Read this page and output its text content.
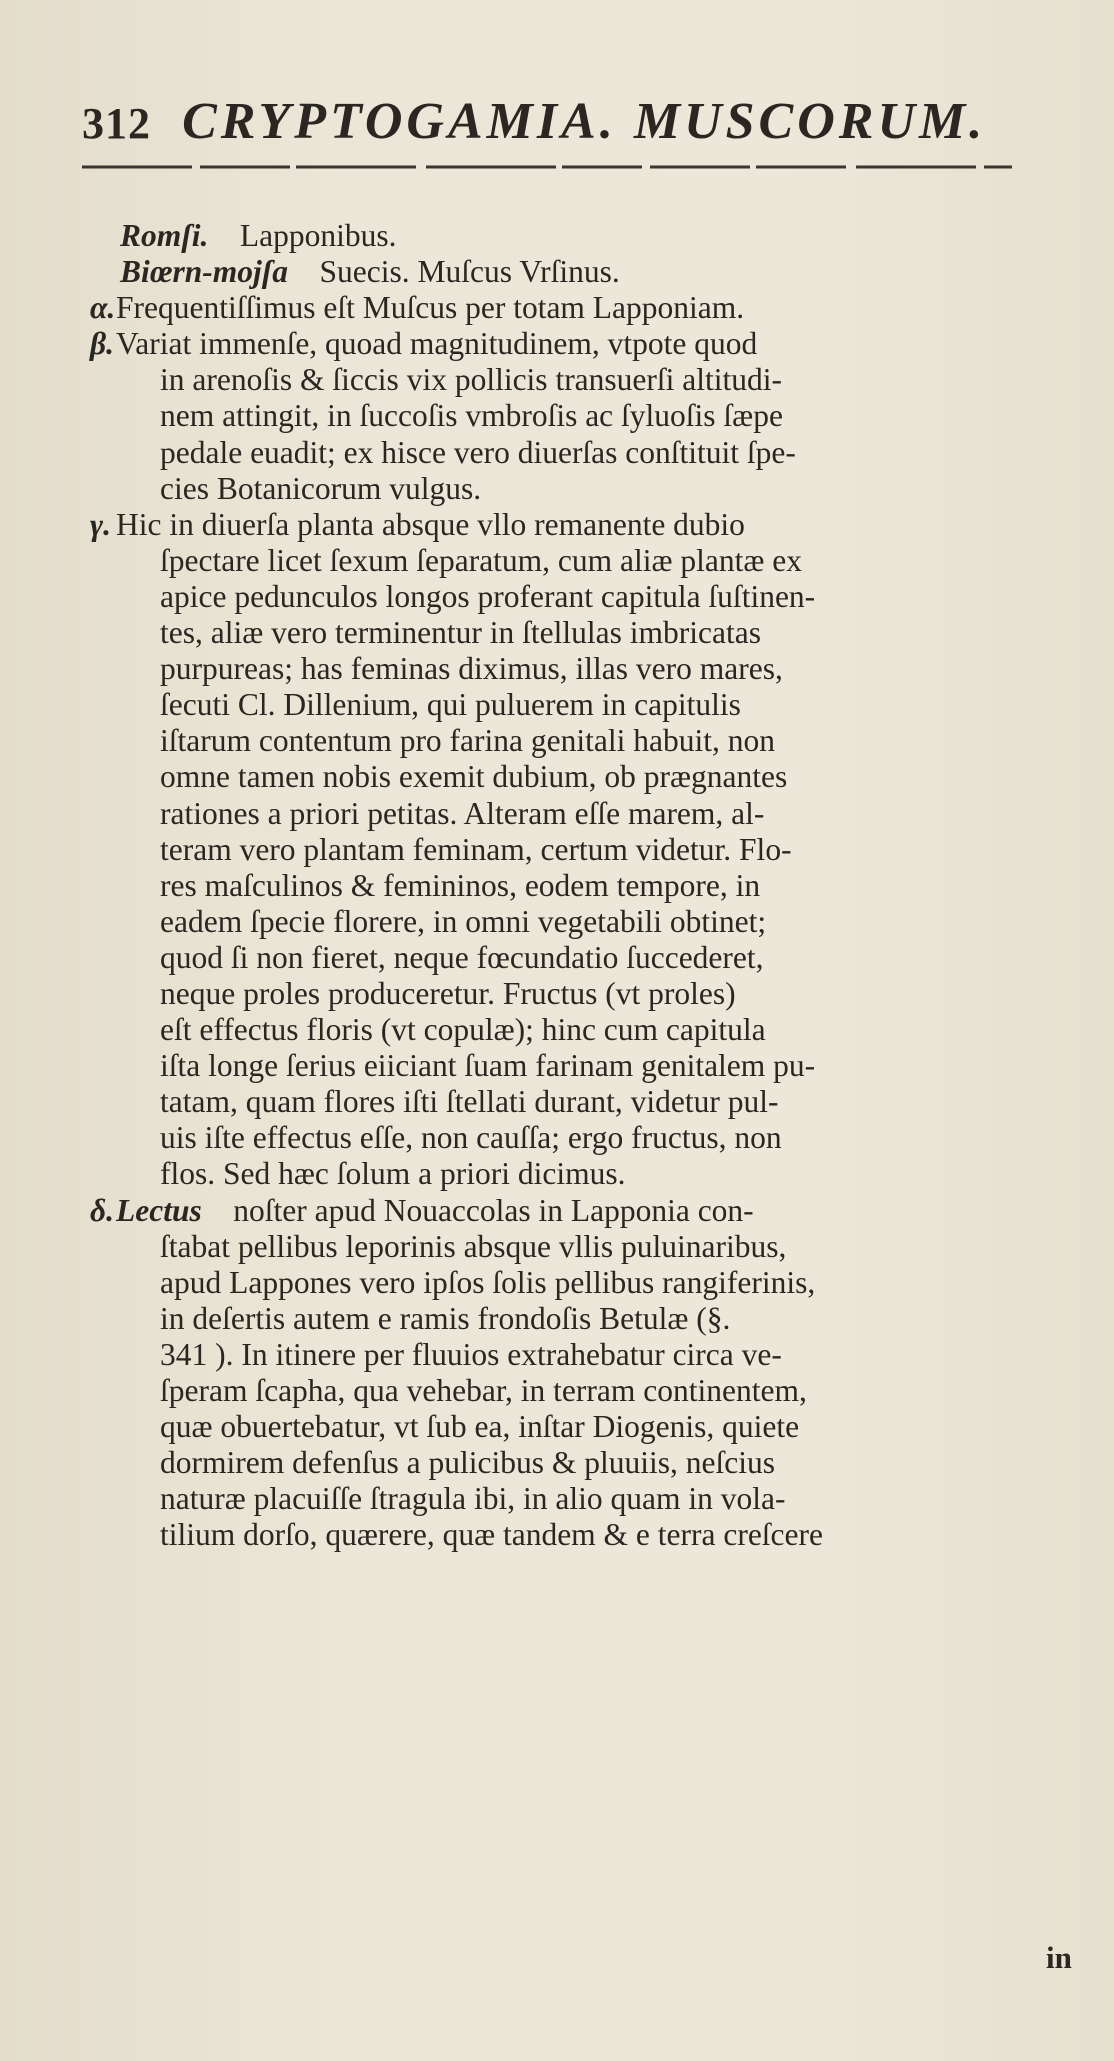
312 CRYPTOGAMIA. MUSCORUM.
Romſi.  Lapponibus.
Biœrn-mojſa  Suecis. Muſcus Vrſinus.
α.Frequentiſſimus eſt Muſcus per totam Lapponiam.
β.Variat immenſe, quoad magnitudinem, vtpote quod
in arenoſis & ſiccis vix pollicis transuerſi altitudi-
nem attingit, in ſuccoſis vmbroſis ac ſyluoſis ſæpe
pedale euadit; ex hisce vero diuerſas conſtituit ſpe-
cies Botanicorum vulgus.
γ. Hic in diuerſa planta absque vllo remanente dubio
ſpectare licet ſexum ſeparatum, cum aliæ plantæ ex
apice pedunculos longos proferant capitula ſuſtinen-
tes, aliæ vero terminentur in ſtellulas imbricatas
purpureas; has feminas diximus, illas vero mares,
ſecuti Cl. Dillenium, qui puluerem in capitulis
iſtarum contentum pro farina genitali habuit, non
omne tamen nobis exemit dubium, ob prægnantes
rationes a priori petitas. Alteram eſſe marem, al-
teram vero plantam feminam, certum videtur. Flo-
res maſculinos & femininos, eodem tempore, in
eadem ſpecie florere, in omni vegetabili obtinet;
quod ſi non fieret, neque fœcundatio ſuccederet,
neque proles produceretur. Fructus (vt proles)
eſt effectus floris (vt copulæ); hinc cum capitula
iſta longe ſerius eiiciant ſuam farinam genitalem pu-
tatam, quam flores iſti ſtellati durant, videtur pul-
uis iſte effectus eſſe, non cauſſa; ergo fructus, non
flos. Sed hæc ſolum a priori dicimus.
δ.Lectus  noſter apud Nouaccolas in Lapponia con-
ſtabat pellibus leporinis absque vllis puluinaribus,
apud Lappones vero ipſos ſolis pellibus rangiferinis,
in deſertis autem e ramis frondoſis Betulæ (§.
341 ). In itinere per fluuios extrahebatur circa ve-
ſperam ſcapha, qua vehebar, in terram continentem,
quæ obuertebatur, vt ſub ea, inſtar Diogenis, quiete
dormirem defenſus a pulicibus & pluuiis, neſcius
naturæ placuiſſe ſtragula ibi, in alio quam in vola-
tilium dorſo, quærere, quæ tandem & e terra creſcere
in
